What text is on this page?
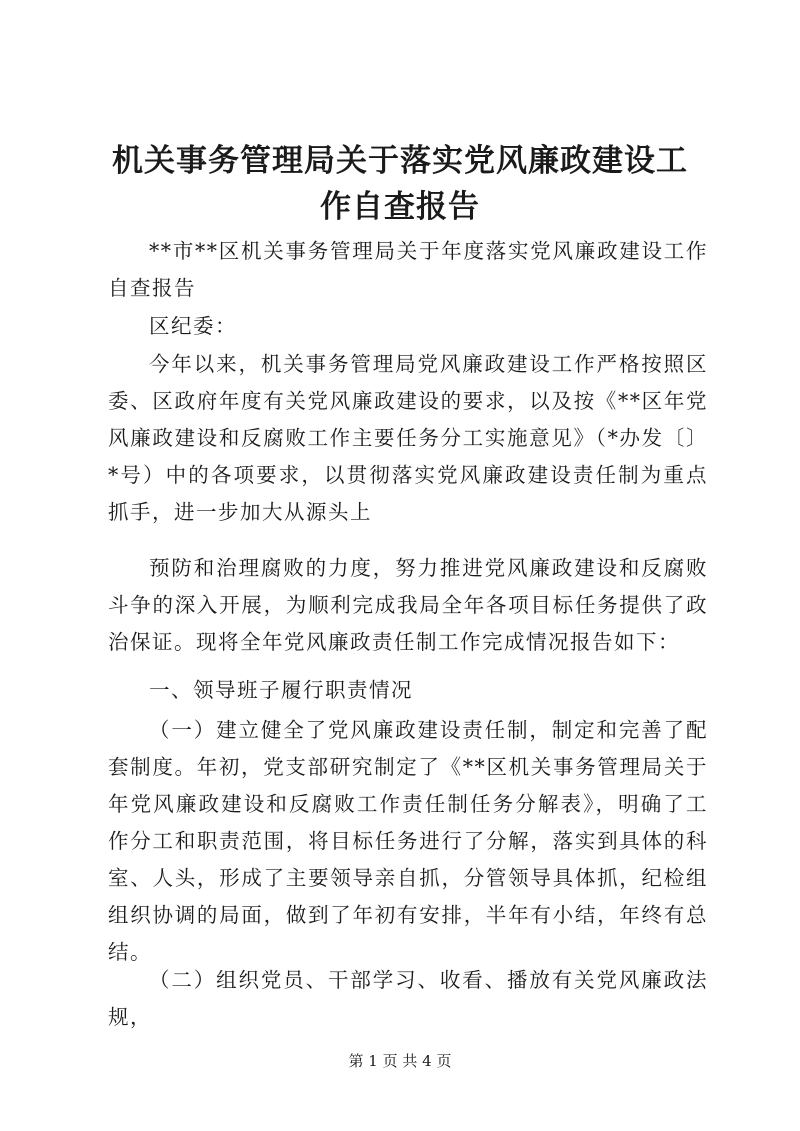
机关事务管理局关于落实党风廉政建设工作自查报告

**市**区机关事务管理局关于年度落实党风廉政建设工作自查报告

区纪委：

今年以来，机关事务管理局党风廉政建设工作严格按照区委、区政府年度有关党风廉政建设的要求，以及按《**区年党风廉政建设和反腐败工作主要任务分工实施意见》（*办发〔〕*号）中的各项要求，以贯彻落实党风廉政建设责任制为重点抓手，进一步加大从源头上

预防和治理腐败的力度，努力推进党风廉政建设和反腐败斗争的深入开展，为顺利完成我局全年各项目标任务提供了政治保证。现将全年党风廉政责任制工作完成情况报告如下：

一、领导班子履行职责情况

（一）建立健全了党风廉政建设责任制，制定和完善了配套制度。年初，党支部研究制定了《**区机关事务管理局关于年党风廉政建设和反腐败工作责任制任务分解表》，明确了工作分工和职责范围，将目标任务进行了分解，落实到具体的科室、人头，形成了主要领导亲自抓，分管领导具体抓，纪检组组织协调的局面，做到了年初有安排，半年有小结，年终有总结。

（二）组织党员、干部学习、收看、播放有关党风廉政法规，

第 1 页 共 4 页
